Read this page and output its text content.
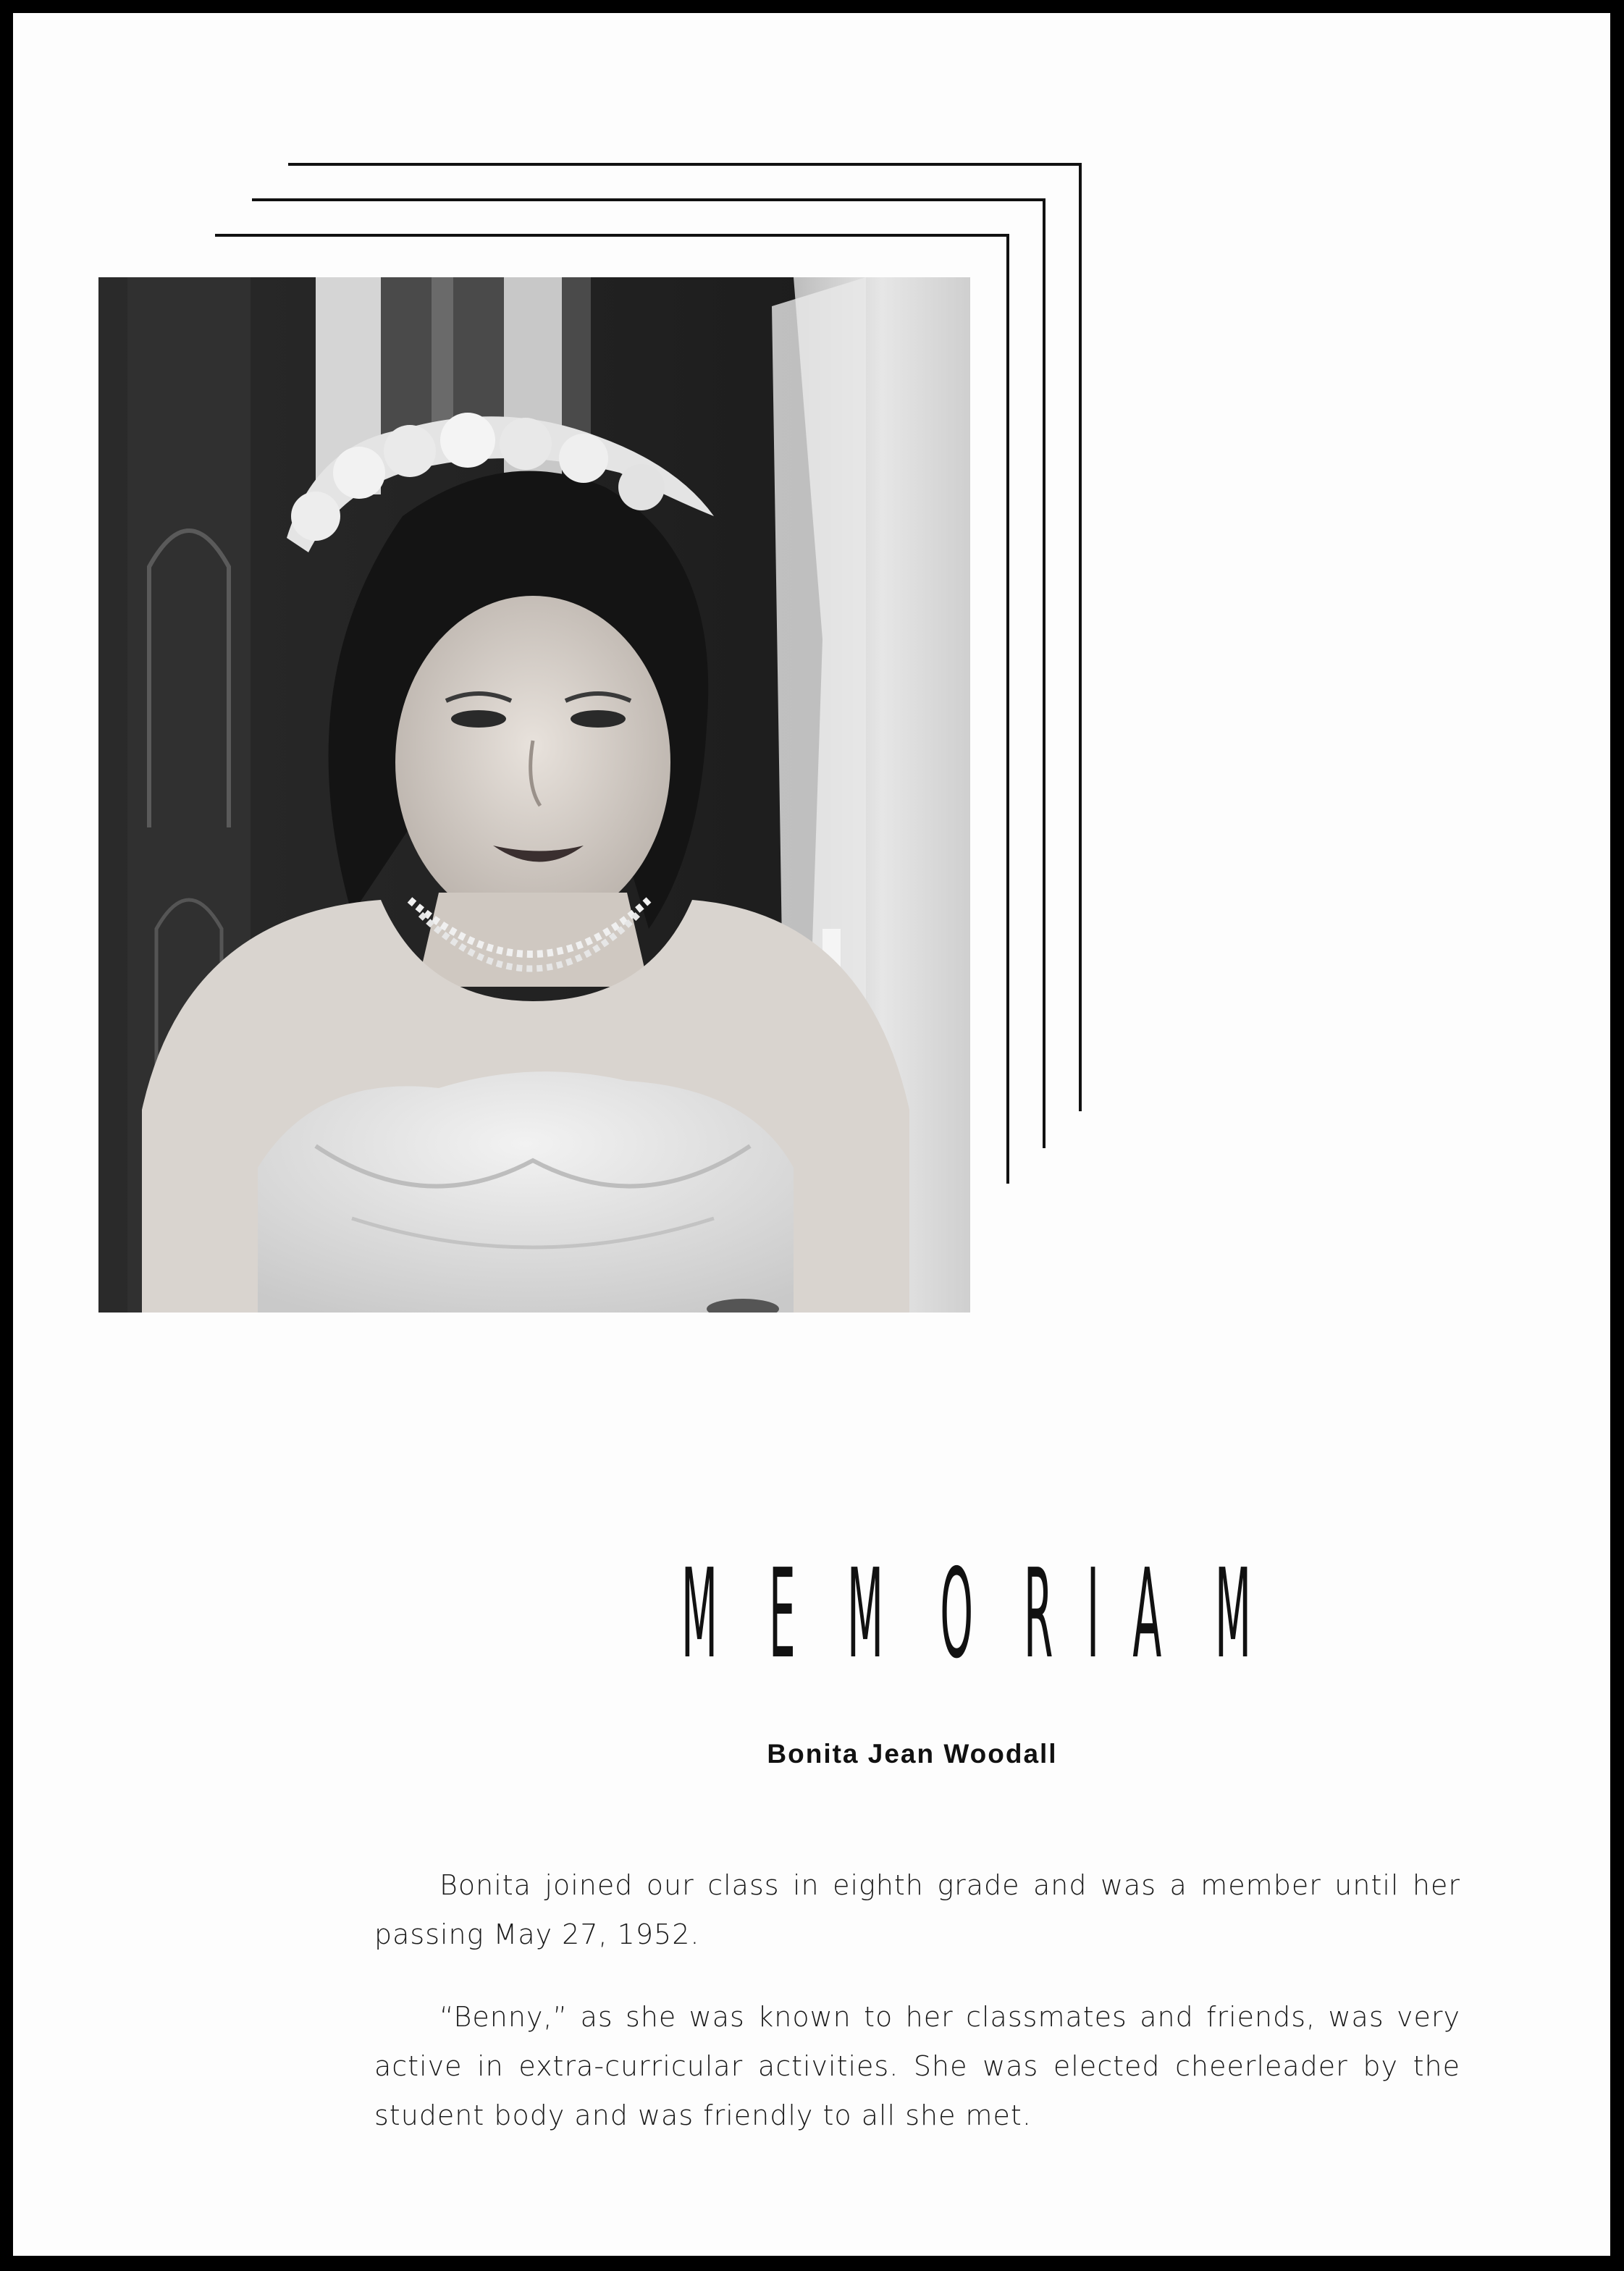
M E M O R I A M
Bonita Jean Woodall

Bonita joined our class in eighth grade and was a member until her passing May 27, 1952.

“Benny,” as she was known to her classmates and friends, was very active in extra-curricular activities. She was elected cheerleader by the student body and was friendly to all she met.
